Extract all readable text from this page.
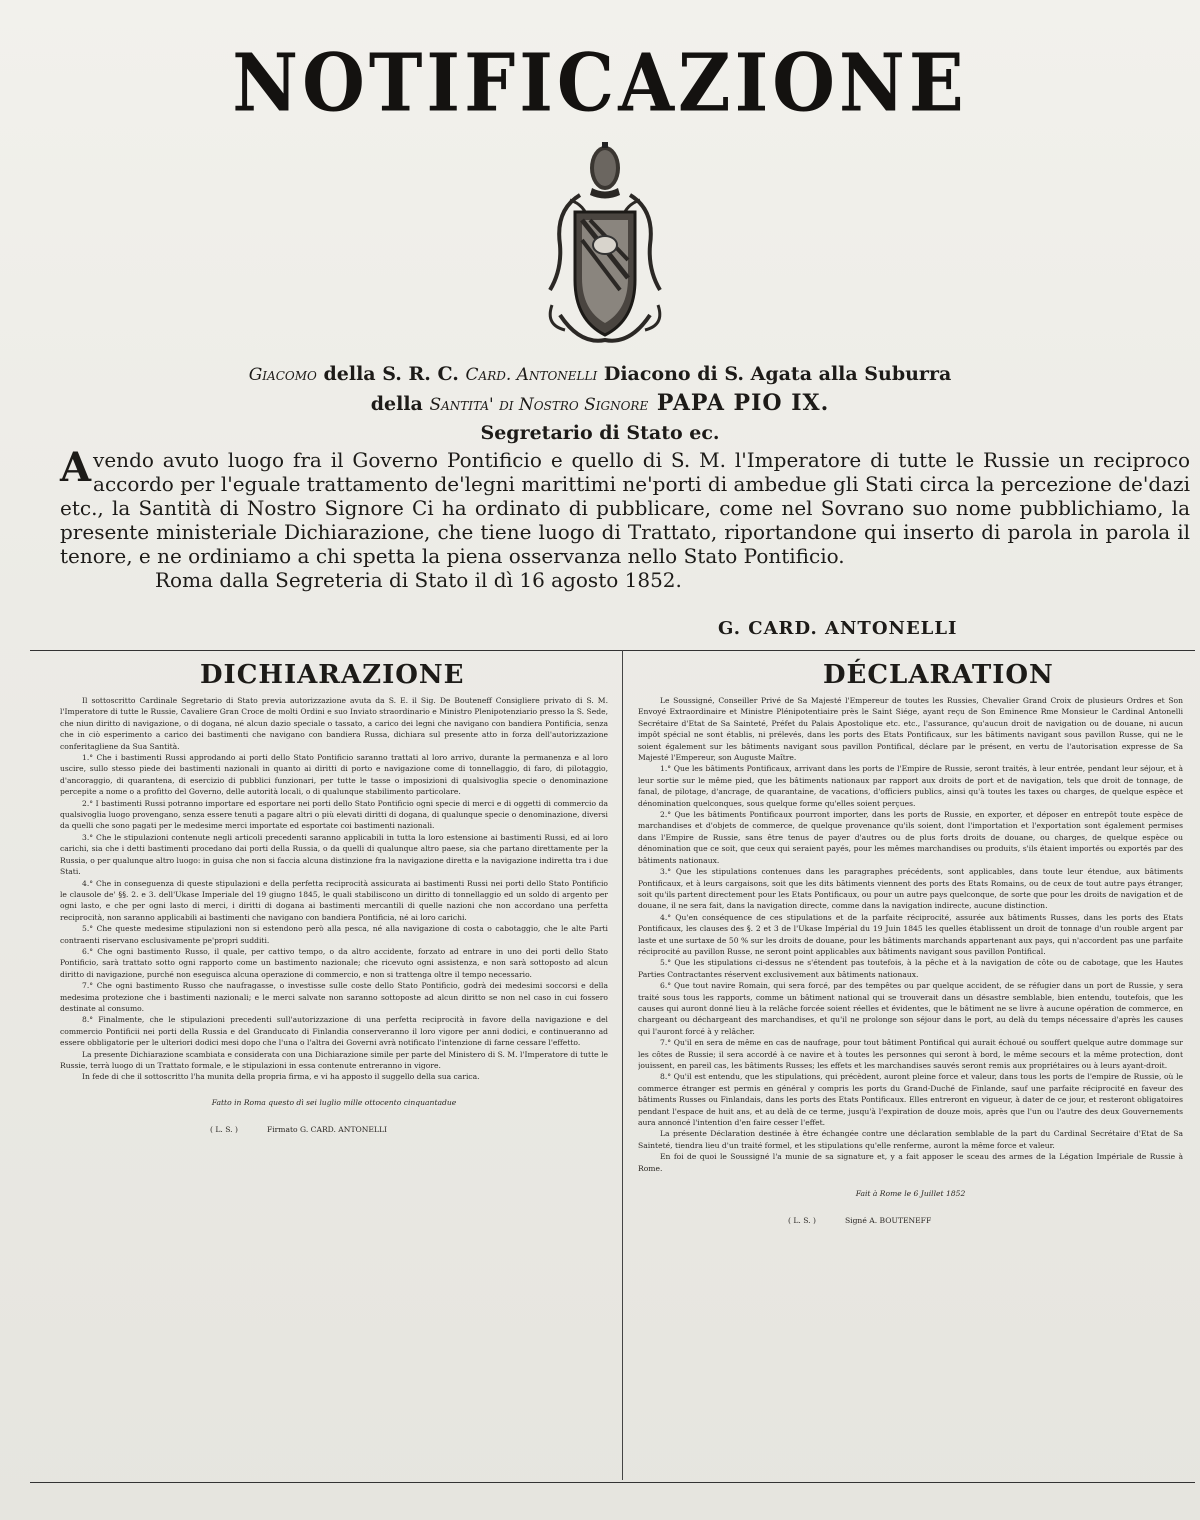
NOTIFICAZIONE
Giacomo della S. R. C. Card. Antonelli Diacono di S. Agata alla Suburra
della Santita' di Nostro Signore PAPA PIO IX.
Segretario di Stato ec.
Avendo avuto luogo fra il Governo Pontificio e quello di S. M. l'Imperatore di tutte le Russie un reciproco accordo per l'eguale trattamento de'legni marittimi ne'porti di ambedue gli Stati circa la percezione de'dazi etc., la Santità di Nostro Signore Ci ha ordinato di pubblicare, come nel Sovrano suo nome pubblichiamo, la presente ministeriale Dichiarazione, che tiene luogo di Trattato, riportandone qui inserto di parola in parola il tenore, e ne ordiniamo a chi spetta la piena osservanza nello Stato Pontificio.
Roma dalla Segreteria di Stato il dì 16 agosto 1852.
G. CARD. ANTONELLI
DICHIARAZIONE	DÉCLARATION

Il sottoscritto Cardinale Segretario di Stato previa autorizzazione avuta da S. E. il Sig. De Bouteneff Consigliere privato di S. M. l'Imperatore di tutte le Russie, Cavaliere Gran Croce de molti Ordini e suo Inviato straordinario e Ministro Plenipotenziario presso la S. Sede, che niun diritto di navigazione, o di dogana, né alcun dazio speciale o tassato, a carico dei legni che navigano con bandiera Pontificia, senza che in ciò esperimento a carico dei bastimenti che navigano con bandiera Russa, dichiara sul presente atto in forza dell'autorizzazione conferitagliene da Sua Santità.

1.° Che i bastimenti Russi approdando ai porti dello Stato Pontificio saranno trattati al loro arrivo, durante la permanenza e al loro uscire, sullo stesso piede dei bastimenti nazionali in quanto ai diritti di porto e navigazione come di tonnellaggio, di faro, di pilotaggio, d'ancoraggio, di quarantena, di esercizio di pubblici funzionari, per tutte le tasse o imposizioni di qualsivoglia specie o denominazione percepite a nome o a profitto del Governo, delle autorità locali, o di qualunque stabilimento particolare.

2.° I bastimenti Russi potranno importare ed esportare nei porti dello Stato Pontificio ogni specie di merci e di oggetti di commercio da qualsivoglia luogo provengano, senza essere tenuti a pagare altri o più elevati diritti di dogana, di qualunque specie o denominazione, diversi da quelli che sono pagati per le medesime merci importate ed esportate coi bastimenti nazionali.

3.° Che le stipulazioni contenute negli articoli precedenti saranno applicabili in tutta la loro estensione ai bastimenti Russi, ed ai loro carichi, sia che i detti bastimenti procedano dai porti della Russia, o da quelli di qualunque altro paese, sia che partano direttamente per la Russia, o per qualunque altro luogo: in guisa che non si faccia alcuna distinzione fra la navigazione diretta e la navigazione indiretta tra i due Stati.

4.° Che in conseguenza di queste stipulazioni e della perfetta reciprocità assicurata ai bastimenti Russi nei porti dello Stato Pontificio le clausole de' §§. 2. e 3. dell'Ukase Imperiale del 19 giugno 1845, le quali stabiliscono un diritto di tonnellaggio ed un soldo di argento per ogni lasto, e che per ogni lasto di merci, i diritti di dogana ai bastimenti mercantili di quelle nazioni che non accordano una perfetta reciprocità, non saranno applicabili ai bastimenti che navigano con bandiera Pontificia, né ai loro carichi.

5.° Che queste medesime stipulazioni non si estendono però alla pesca, né alla navigazione di costa o cabotaggio, che le alte Parti contraenti riservano esclusivamente pe'propri sudditi.

6.° Che ogni bastimento Russo, il quale, per cattivo tempo, o da altro accidente, forzato ad entrare in uno dei porti dello Stato Pontificio, sarà trattato sotto ogni rapporto come un bastimento nazionale; che ricevuto ogni assistenza, e non sarà sottoposto ad alcun diritto di navigazione, purché non eseguisca alcuna operazione di commercio, e non si trattenga oltre il tempo necessario.

7.° Che ogni bastimento Russo che naufragasse, o investisse sulle coste dello Stato Pontificio, godrà dei medesimi soccorsi e della medesima protezione che i bastimenti nazionali; e le merci salvate non saranno sottoposte ad alcun diritto se non nel caso in cui fossero destinate al consumo.

8.° Finalmente, che le stipulazioni precedenti sull'autorizzazione di una perfetta reciprocità in favore della navigazione e del commercio Pontificii nei porti della Russia e del Granducato di Finlandia conserveranno il loro vigore per anni dodici, e continueranno ad essere obbligatorie per le ulteriori dodici mesi dopo che l'una o l'altra dei Governi avrà notificato l'intenzione di farne cessare l'effetto.

La presente Dichiarazione scambiata e considerata con una Dichiarazione simile per parte del Ministero di S. M. l'Imperatore di tutte le Russie, terrà luogo di un Trattato formale, e le stipulazioni in essa contenute entreranno in vigore.

In fede di che il sottoscritto l'ha munita della propria firma, e vi ha apposto il suggello della sua carica.

Fatto in Roma questo dì sei luglio mille ottocento cinquantadue

( L. S. )	Firmato G. CARD. ANTONELLI

Le Soussigné, Conseiller Privé de Sa Majesté l'Empereur de toutes les Russies, Chevalier Grand Croix de plusieurs Ordres et Son Envoyé Extraordinaire et Ministre Plénipotentiaire près le Saint Siége, ayant reçu de Son Eminence Rme Monsieur le Cardinal Antonelli Secrétaire d'Etat de Sa Sainteté, Préfet du Palais Apostolique etc. etc., l'assurance, qu'aucun droit de navigation ou de douane, ni aucun impôt spécial ne sont établis, ni prélevés, dans les ports des Etats Pontificaux, sur les bâtiments navigant sous pavillon Russe, qui ne le soient également sur les bâtiments navigant sous pavillon Pontifical, déclare par le présent, en vertu de l'autorisation expresse de Sa Majesté l'Empereur, son Auguste Maître.

1.° Que les bâtiments Pontificaux, arrivant dans les ports de l'Empire de Russie, seront traités, à leur entrée, pendant leur séjour, et à leur sortie sur le même pied, que les bâtiments nationaux par rapport aux droits de port et de navigation, tels que droit de tonnage, de fanal, de pilotage, d'ancrage, de quarantaine, de vacations, d'officiers publics, ainsi qu'à toutes les taxes ou charges, de quelque espèce et dénomination quelconques, sous quelque forme qu'elles soient perçues.

2.° Que les bâtiments Pontificaux pourront importer, dans les ports de Russie, en exporter, et déposer en entrepôt toute espèce de marchandises et d'objets de commerce, de quelque provenance qu'ils soient, dont l'importation et l'exportation sont également permises dans l'Empire de Russie, sans être tenus de payer d'autres ou de plus forts droits de douane, ou charges, de quelque espèce ou dénomination que ce soit, que ceux qui seraient payés, pour les mêmes marchandises ou produits, s'ils étaient importés ou exportés par des bâtiments nationaux.

3.° Que les stipulations contenues dans les paragraphes précédents, sont applicables, dans toute leur étendue, aux bâtiments Pontificaux, et à leurs cargaisons, soit que les dits bâtiments viennent des ports des Etats Romains, ou de ceux de tout autre pays étranger, soit qu'ils partent directement pour les Etats Pontificaux, ou pour un autre pays quelconque, de sorte que pour les droits de navigation et de douane, il ne sera fait, dans la navigation directe, comme dans la navigation indirecte, aucune distinction.

4.° Qu'en conséquence de ces stipulations et de la parfaite réciprocité, assurée aux bâtiments Russes, dans les ports des Etats Pontificaux, les clauses des §. 2 et 3 de l'Ukase Impérial du 19 Juin 1845 les quelles établissent un droit de tonnage d'un rouble argent par laste et une surtaxe de 50 % sur les droits de douane, pour les bâtiments marchands appartenant aux pays, qui n'accordent pas une parfaite réciprocité au pavillon Russe, ne seront point applicables aux bâtiments navigant sous pavillon Pontifical.

5.° Que les stipulations ci-dessus ne s'étendent pas toutefois, à la pêche et à la navigation de côte ou de cabotage, que les Hautes Parties Contractantes réservent exclusivement aux bâtiments nationaux.

6.° Que tout navire Romain, qui sera forcé, par des tempêtes ou par quelque accident, de se réfugier dans un port de Russie, y sera traité sous tous les rapports, comme un bâtiment national qui se trouverait dans un désastre semblable, bien entendu, toutefois, que les causes qui auront donné lieu à la relâche forcée soient réelles et évidentes, que le bâtiment ne se livre à aucune opération de commerce, en chargeant ou déchargeant des marchandises, et qu'il ne prolonge son séjour dans le port, au delà du temps nécessaire d'après les causes qui l'auront forcé à y relâcher.

7.° Qu'il en sera de même en cas de naufrage, pour tout bâtiment Pontifical qui aurait échoué ou souffert quelque autre dommage sur les côtes de Russie; il sera accordé à ce navire et à toutes les personnes qui seront à bord, le même secours et la même protection, dont jouissent, en pareil cas, les bâtiments Russes; les effets et les marchandises sauvés seront remis aux propriétaires ou à leurs ayant-droit.

8.° Qu'il est entendu, que les stipulations, qui précèdent, auront pleine force et valeur, dans tous les ports de l'empire de Russie, où le commerce étranger est permis en général y compris les ports du Grand-Duché de Finlande, sauf une parfaite réciprocité en faveur des bâtiments Russes ou Finlandais, dans les ports des Etats Pontificaux. Elles entreront en vigueur, à dater de ce jour, et resteront obligatoires pendant l'espace de huit ans, et au delà de ce terme, jusqu'à l'expiration de douze mois, après que l'un ou l'autre des deux Gouvernements aura annoncé l'intention d'en faire cesser l'effet.

La présente Déclaration destinée à être échangée contre une déclaration semblable de la part du Cardinal Secrétaire d'Etat de Sa Sainteté, tiendra lieu d'un traité formel, et les stipulations qu'elle renferme, auront la même force et valeur.

En foi de quoi le Soussigné l'a munie de sa signature et, y a fait apposer le sceau des armes de la Légation Impériale de Russie à Rome.

Fait à Rome le 6 Juillet 1852

( L. S. )	Signé A. BOUTENEFF
